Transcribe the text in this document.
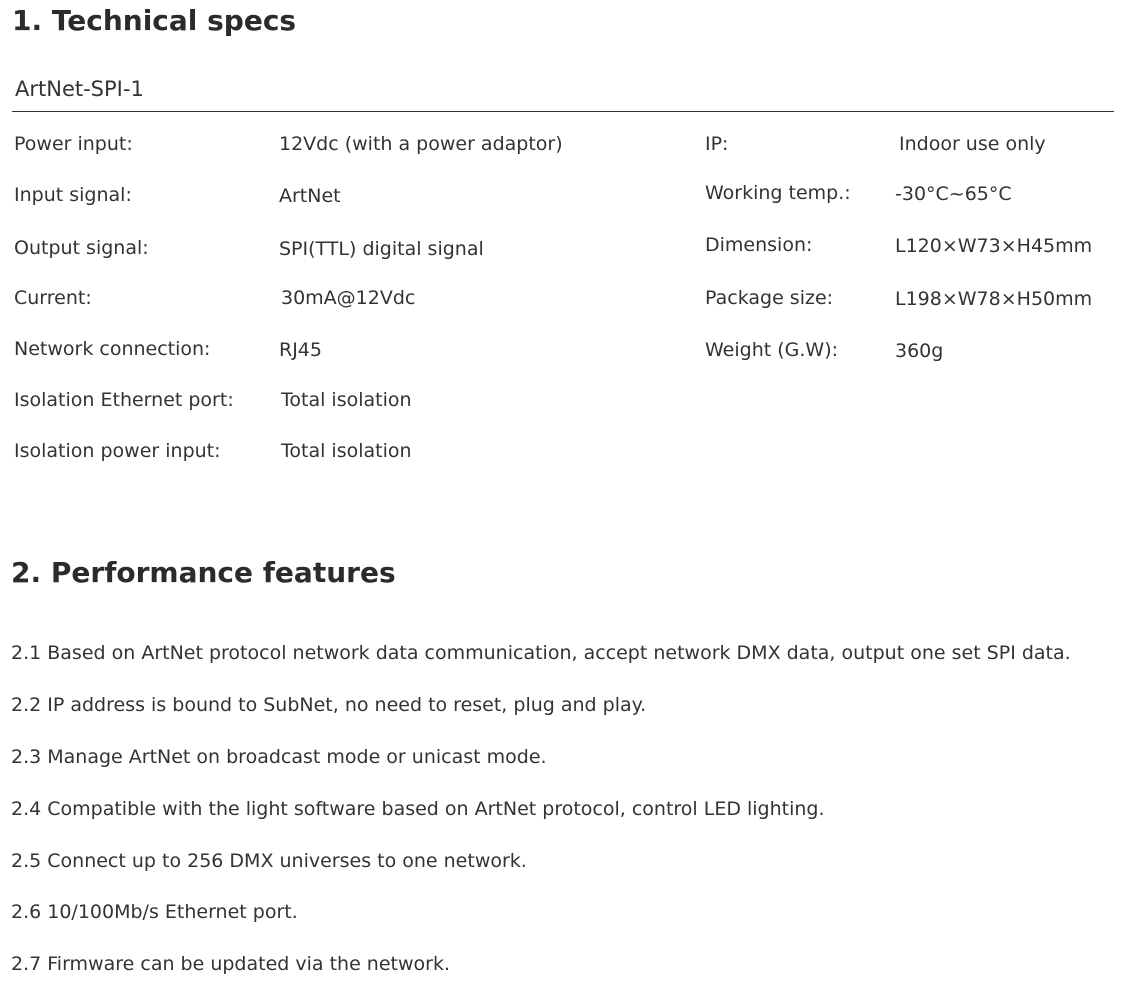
1. Technical specs
ArtNet-SPI-1
Power input:	12Vdc (with a power adaptor)
Input signal:	ArtNet
Output signal:	SPI(TTL) digital signal
Current:	30mA@12Vdc
Network connection:	RJ45
Isolation Ethernet port: Total isolation
Isolation power input:	Total isolation
IP:	Indoor use only
Working temp.: -30°C~65°C
Dimension:	L120×W73×H45mm
Package size:	L198×W78×H50mm
Weight (G.W):	360g
2. Performance features
2.1 Based on ArtNet protocol network data communication, accept network DMX data, output one set SPI data.
2.2 IP address is bound to SubNet, no need to reset, plug and play.
2.3 Manage ArtNet on broadcast mode or unicast mode.
2.4 Compatible with the light software based on ArtNet protocol, control LED lighting.
2.5 Connect up to 256 DMX universes to one network.
2.6 10/100Mb/s Ethernet port.
2.7 Firmware can be updated via the network.
